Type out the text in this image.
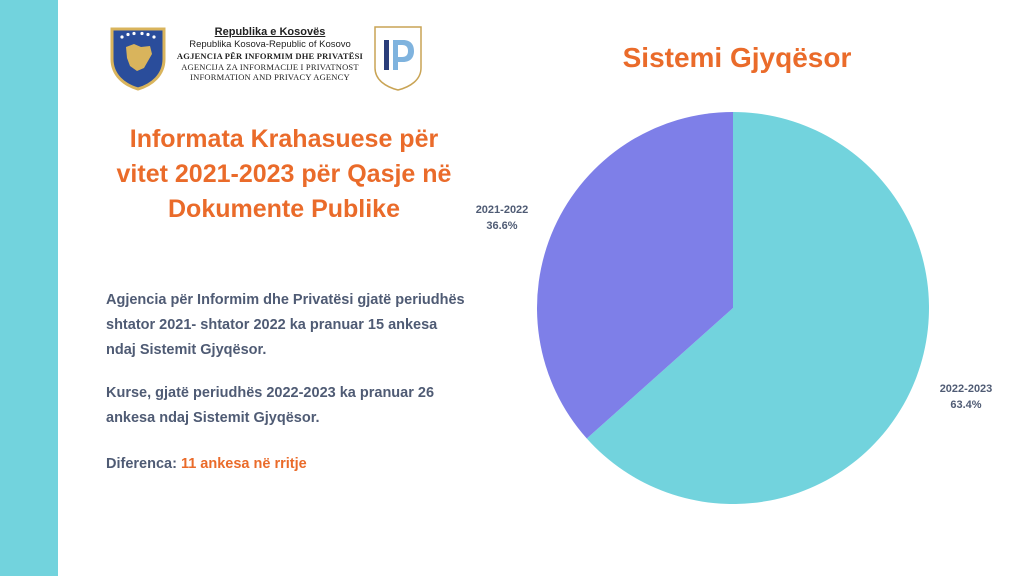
Republika e Kosovës
Republika Kosova-Republic of Kosovo
AGJENCIA PËR INFORMIM DHE PRIVATËSI
AGENCIJA ZA INFORMACIJE I PRIVATNOST
INFORMATION AND PRIVACY AGENCY
Informata Krahasuese për
vitet 2021-2023 për Qasje në
Dokumente Publike
Agjencia për Informim dhe Privatësi gjatë periudhës
shtator 2021- shtator 2022 ka pranuar 15 ankesa
ndaj Sistemit Gjyqësor.
Kurse, gjatë periudhës 2022-2023 ka pranuar 26
ankesa ndaj Sistemit Gjyqësor.
Diferenca: 11 ankesa në rritje
Sistemi Gjyqësor
2022-2023
63.4%
2021-2022
36.6%
